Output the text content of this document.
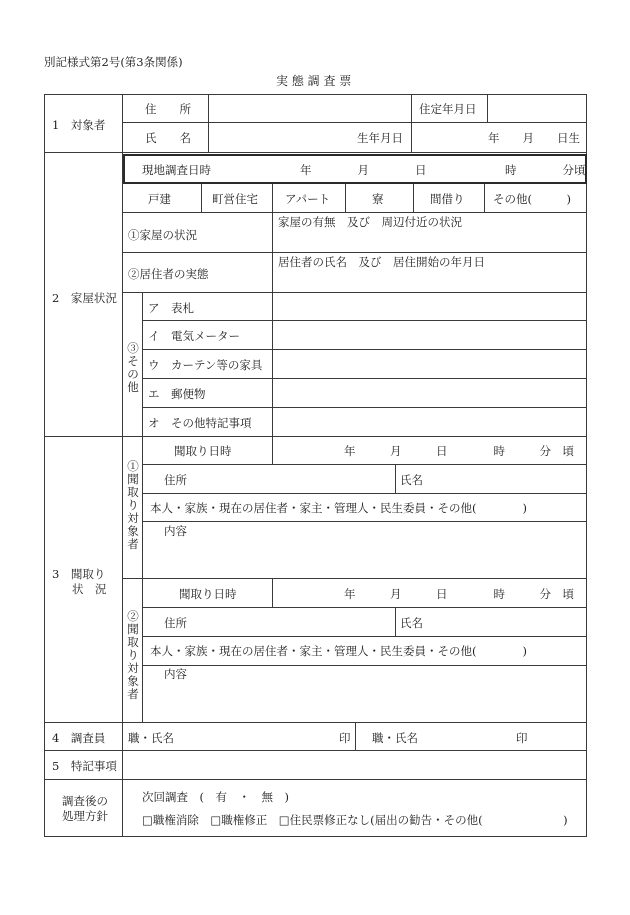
別記様式第2号(第3条関係)
実 態 調 査 票
1　対象者
住　　所	住定年月日
氏　　名	生年月日	年　　月　　日生
2　家屋状況
現地調査日時	年　　　　月　　　　日	時　　　　分頃
戸建	町営住宅 アパート	寮	間借り その他(　　　)
①家屋の状況
家屋の有無　及び　周辺付近の状況
②居住者の実態
居住者の氏名　及び　居住開始の年月日
③その他
ア　表札
イ　電気メーター
ウ　カーテン等の家具
エ　郵便物
オ　その他特記事項
3　聞取り
状　況
①聞取り対象者
聞取り日時	年　　　月　　　日　　　　時　　　分　頃
住所	氏名
本人・家族・現在の居住者・家主・管理人・民生委員・その他(　　　　)
内容
②聞取り対象者
聞取り日時	年　　　月　　　日　　　　時　　　分　頃
住所	氏名
本人・家族・現在の居住者・家主・管理人・民生委員・その他(　　　　)
内容
4　調査員 職・氏名	印 職・氏名	印
5　特記事項
調査後の
処理方針
次回調査　(　有　・　無　)
□職権消除　□職権修正　□住民票修正なし(届出の勧告・その他(　　　　　　　)
